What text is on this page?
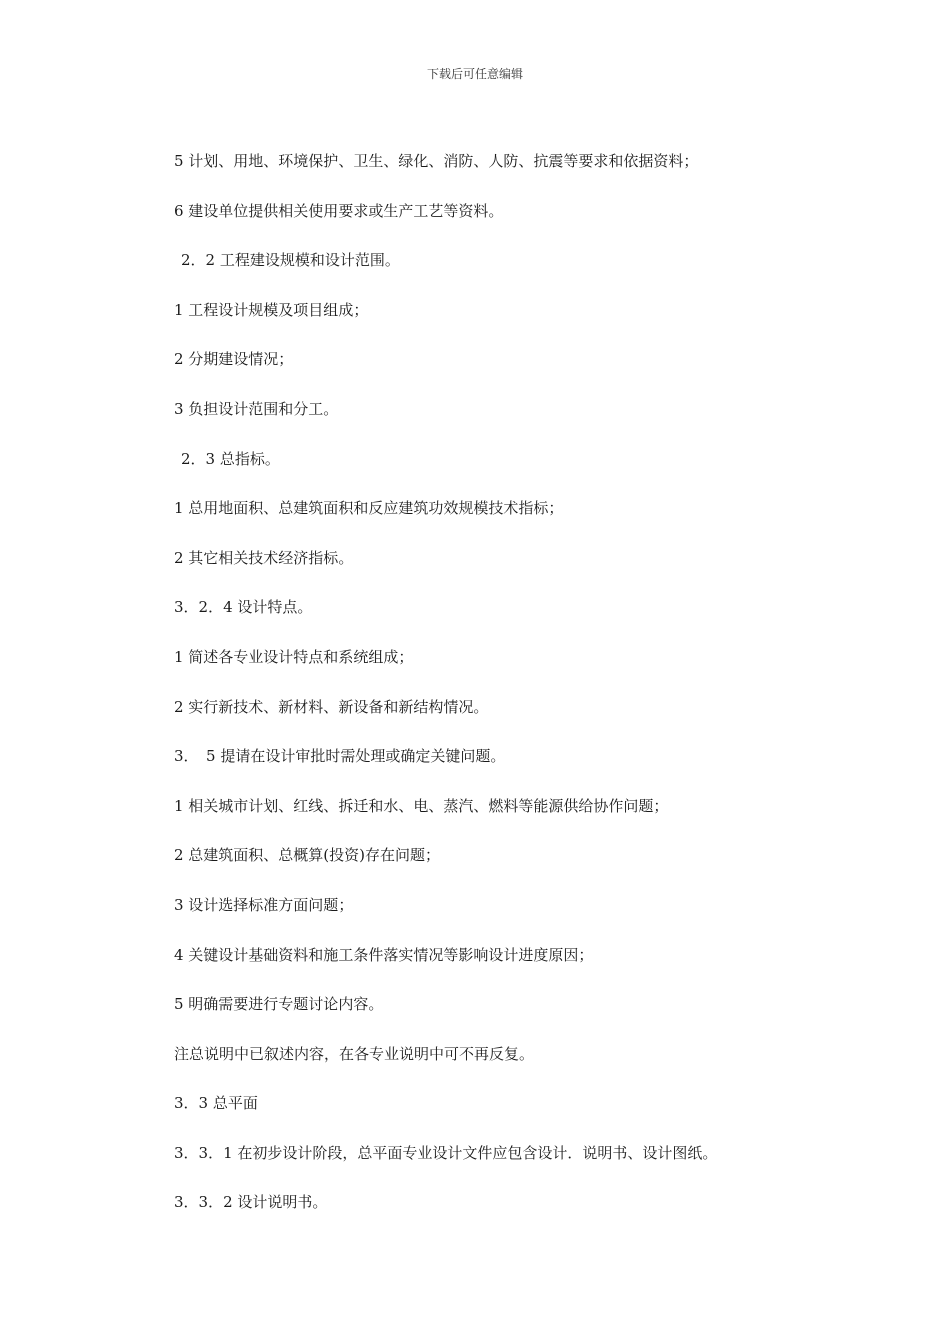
下载后可任意编辑

5 计划、用地、环境保护、卫生、绿化、消防、人防、抗震等要求和依据资料；

6 建设单位提供相关使用要求或生产工艺等资料。

2．2 工程建设规模和设计范围。

1 工程设计规模及项目组成；

2 分期建设情况；

3 负担设计范围和分工。

2．3 总指标。

1 总用地面积、总建筑面积和反应建筑功效规模技术指标；

2 其它相关技术经济指标。

3．2．4 设计特点。

1 简述各专业设计特点和系统组成；

2 实行新技术、新材料、新设备和新结构情况。

3．　5 提请在设计审批时需处理或确定关键问题。

1 相关城市计划、红线、拆迁和水、电、蒸汽、燃料等能源供给协作问题；

2 总建筑面积、总概算(投资)存在问题；

3 设计选择标准方面问题；

4 关键设计基础资料和施工条件落实情况等影响设计进度原因；

5 明确需要进行专题讨论内容。

注总说明中已叙述内容，在各专业说明中可不再反复。

3．3 总平面

3．3．1 在初步设计阶段，总平面专业设计文件应包含设计．说明书、设计图纸。

3．3．2 设计说明书。
